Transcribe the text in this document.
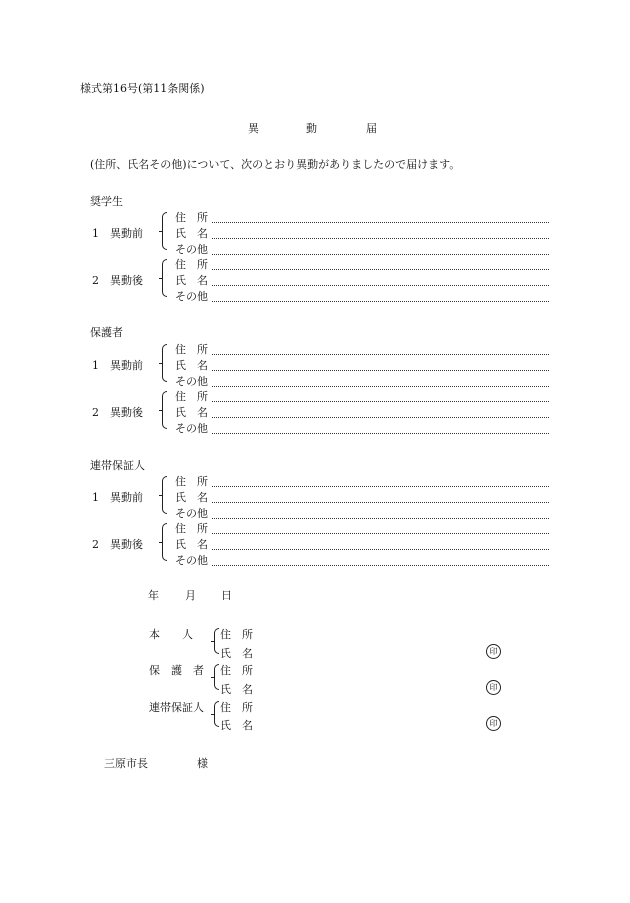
様式第16号(第11条関係)
異	動	届
(住所、氏名その他)について、次のとおり異動がありましたので届けます。
奨学生
1　異動前
住　所
氏　名
その他
2　異動後
住　所
氏　名
その他
保護者
1　異動前
住　所
氏　名
その他
2　異動後
住　所
氏　名
その他
連帯保証人
1　異動前
住　所
氏　名
その他
2　異動後
住　所
氏　名
その他
年 月 日
本　　人 住　所
氏　名	印
保　護　者 住　所
氏　名	印
連帯保証人 住　所
氏　名	印
三原市長	様
